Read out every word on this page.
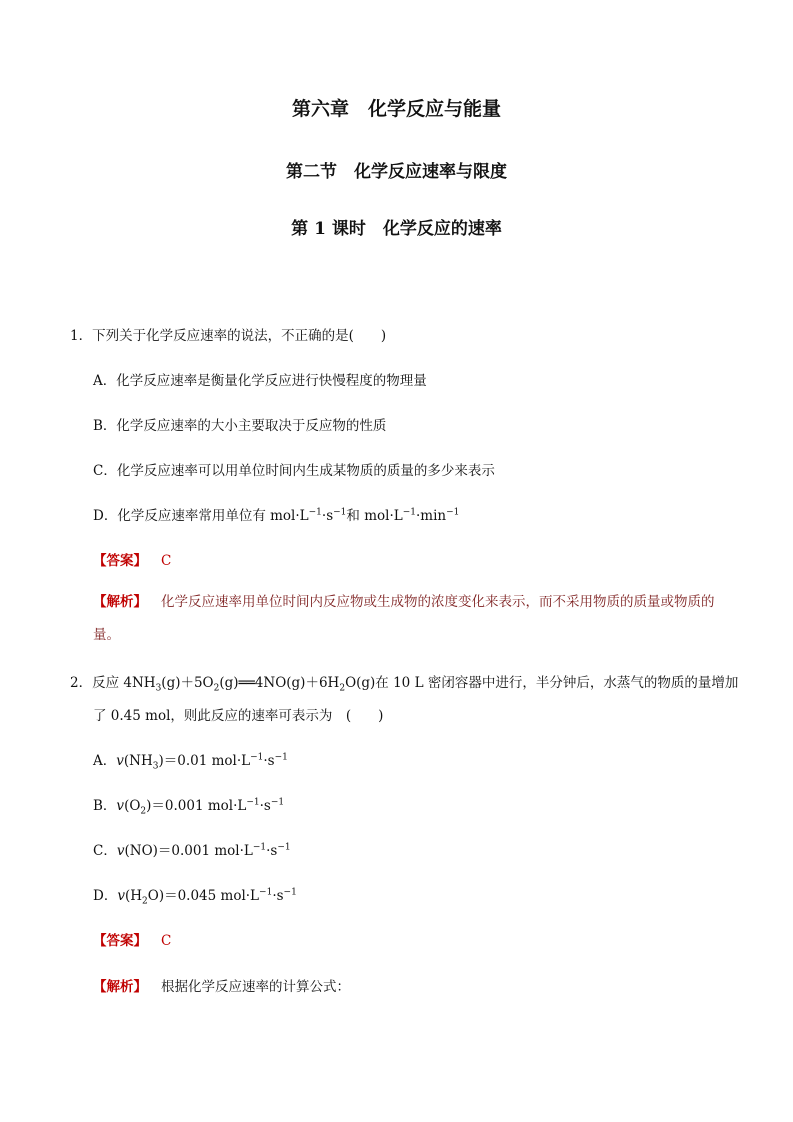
第六章　化学反应与能量
第二节　化学反应速率与限度
第 1 课时　化学反应的速率
1．下列关于化学反应速率的说法，不正确的是(　　)
A．化学反应速率是衡量化学反应进行快慢程度的物理量
B．化学反应速率的大小主要取决于反应物的性质
C．化学反应速率可以用单位时间内生成某物质的质量的多少来表示
D．化学反应速率常用单位有 $mol\cdot L^{-1}\cdot s^{-1}$和 $mol\cdot L^{-1}\cdot\min^{-1}$
【答案】 C
【解析】 化学反应速率用单位时间内反应物或生成物的浓度变化来表示，而不采用物质的质量或物质的量。
2．反应 $4NH_3(g)+5O_2(g)══4NO(g)+6H_2O(g)$在 10 L 密闭容器中进行，半分钟后，水蒸气的物质的量增加
了 0.45 mol，则此反应的速率可表示为　(　　)
A．$v(NH_3)=0.01$ $mol\cdot L^{-1}\cdot s^{-1}$
B．$v(O_2)=0.001$ $mol\cdot L^{-1}\cdot s^{-1}$
C．v(NO)＝0.001 $mol\cdot L^{-1}\cdot s^{-1}$
D．$v(H_2O)=0.045$ $mol\cdot L^{-1}\cdot s^{-1}$
【答案】 C
【解析】 根据化学反应速率的计算公式：
